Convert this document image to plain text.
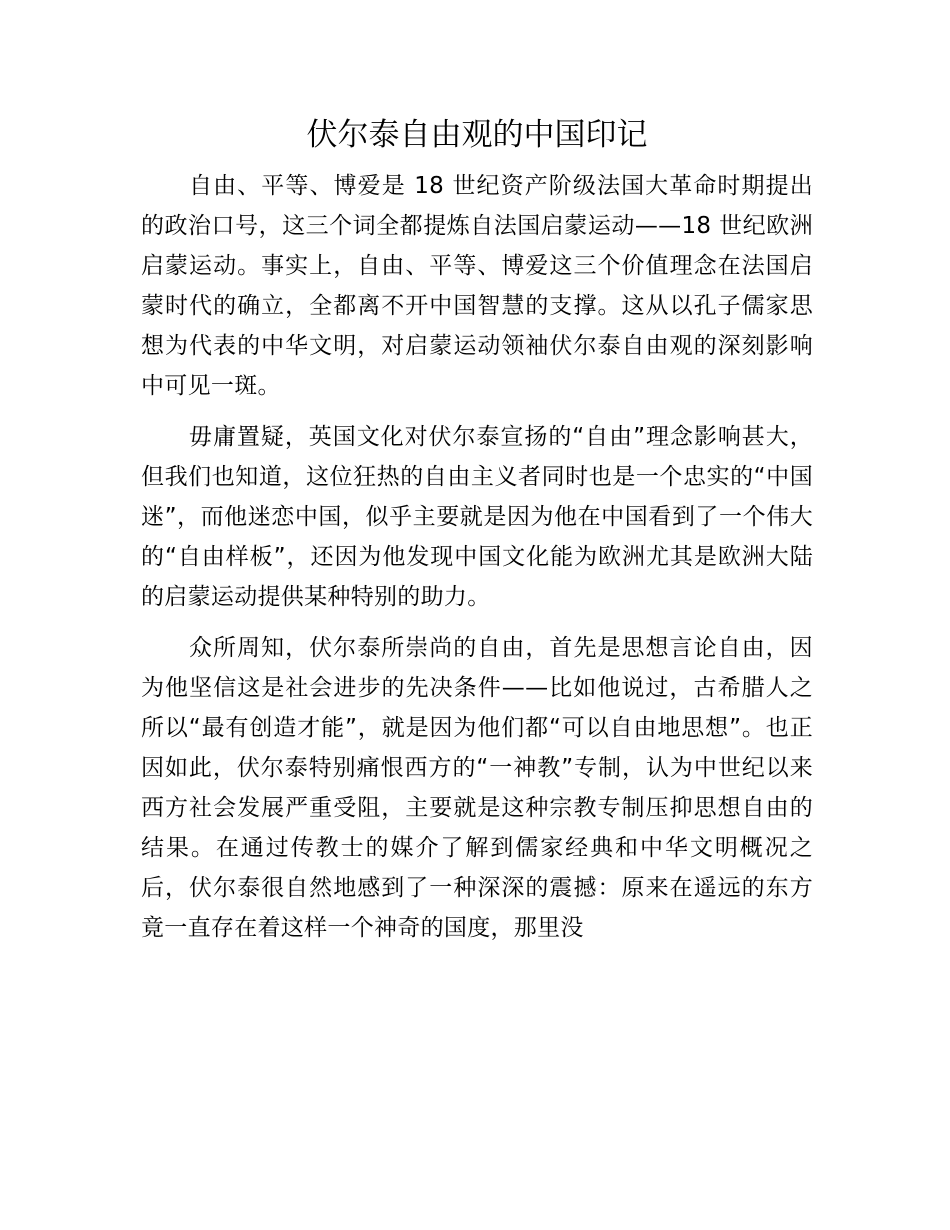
伏尔泰自由观的中国印记

自由、平等、博爱是 18 世纪资产阶级法国大革命时期提出的政治口号，这三个词全都提炼自法国启蒙运动——18 世纪欧洲启蒙运动。事实上，自由、平等、博爱这三个价值理念在法国启蒙时代的确立，全都离不开中国智慧的支撑。这从以孔子儒家思想为代表的中华文明，对启蒙运动领袖伏尔泰自由观的深刻影响中可见一斑。

毋庸置疑，英国文化对伏尔泰宣扬的“自由”理念影响甚大，但我们也知道，这位狂热的自由主义者同时也是一个忠实的“中国迷”，而他迷恋中国，似乎主要就是因为他在中国看到了一个伟大的“自由样板”，还因为他发现中国文化能为欧洲尤其是欧洲大陆的启蒙运动提供某种特别的助力。

众所周知，伏尔泰所崇尚的自由，首先是思想言论自由，因为他坚信这是社会进步的先决条件——比如他说过，古希腊人之所以“最有创造才能”，就是因为他们都“可以自由地思想”。也正因如此，伏尔泰特别痛恨西方的“一神教”专制，认为中世纪以来西方社会发展严重受阻，主要就是这种宗教专制压抑思想自由的结果。在通过传教士的媒介了解到儒家经典和中华文明概况之后，伏尔泰很自然地感到了一种深深的震撼：原来在遥远的东方竟一直存在着这样一个神奇的国度，那里没
